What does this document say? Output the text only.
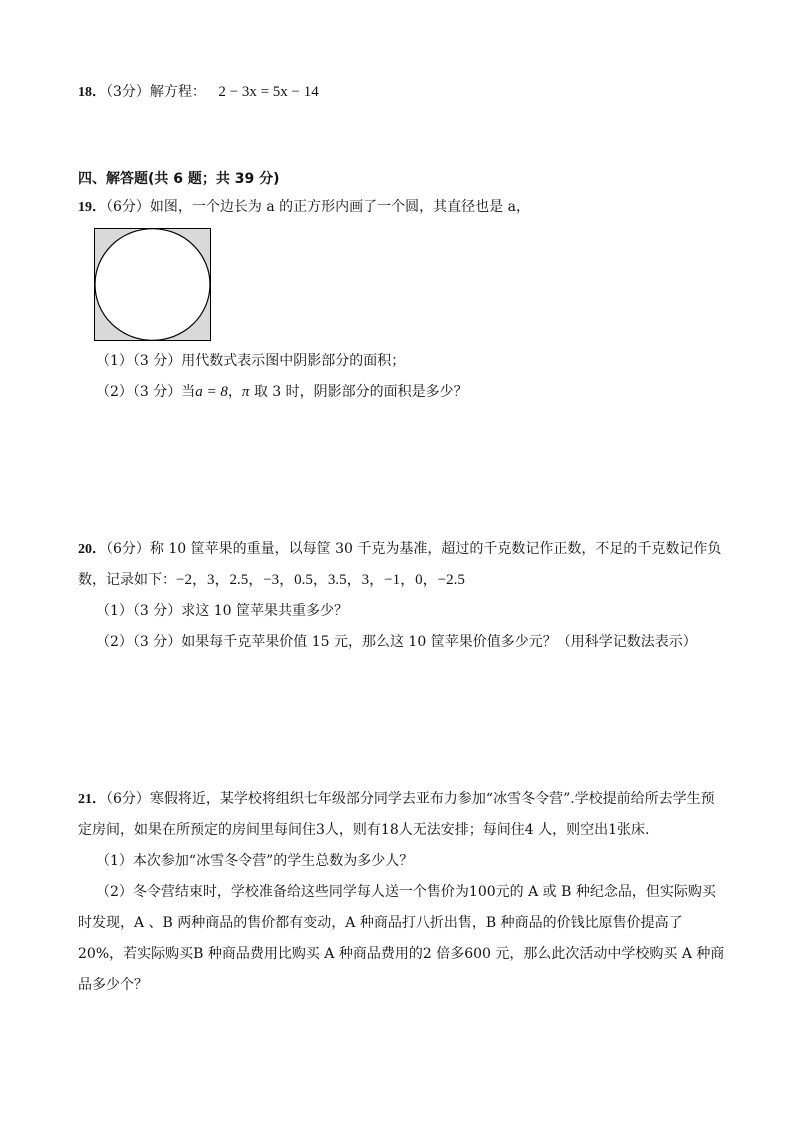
18．（3分）解方程： 2 − 3x = 5x − 14
四、解答题(共 6 题；共 39 分)
19．（6分）如图，一个边长为 a 的正方形内画了一个圆，其直径也是 a，
（1）（3 分）用代数式表示图中阴影部分的面积；
（2）（3 分）当a = 8，π 取 3 时，阴影部分的面积是多少？
20．（6分）称 10 筐苹果的重量，以每筐 30 千克为基准，超过的千克数记作正数，不足的千克数记作负
数，记录如下：−2，3，2.5，−3，0.5，3.5，3，−1，0，−2.5
（1）（3 分）求这 10 筐苹果共重多少？
（2）（3 分）如果每千克苹果价值 15 元，那么这 10 筐苹果价值多少元？（用科学记数法表示）
21．（6分）寒假将近，某学校将组织七年级部分同学去亚布力参加“冰雪冬令营”.学校提前给所去学生预
定房间，如果在所预定的房间里每间住3人，则有18人无法安排；每间住4 人，则空出1张床.
（1）本次参加“冰雪冬令营”的学生总数为多少人？
（2）冬令营结束时，学校准备给这些同学每人送一个售价为100元的 A 或 B 种纪念品，但实际购买
时发现，A 、B 两种商品的售价都有变动，A 种商品打八折出售，B 种商品的价钱比原售价提高了
20%，若实际购买B 种商品费用比购买 A 种商品费用的2 倍多600 元，那么此次活动中学校购买 A 种商
品多少个？
